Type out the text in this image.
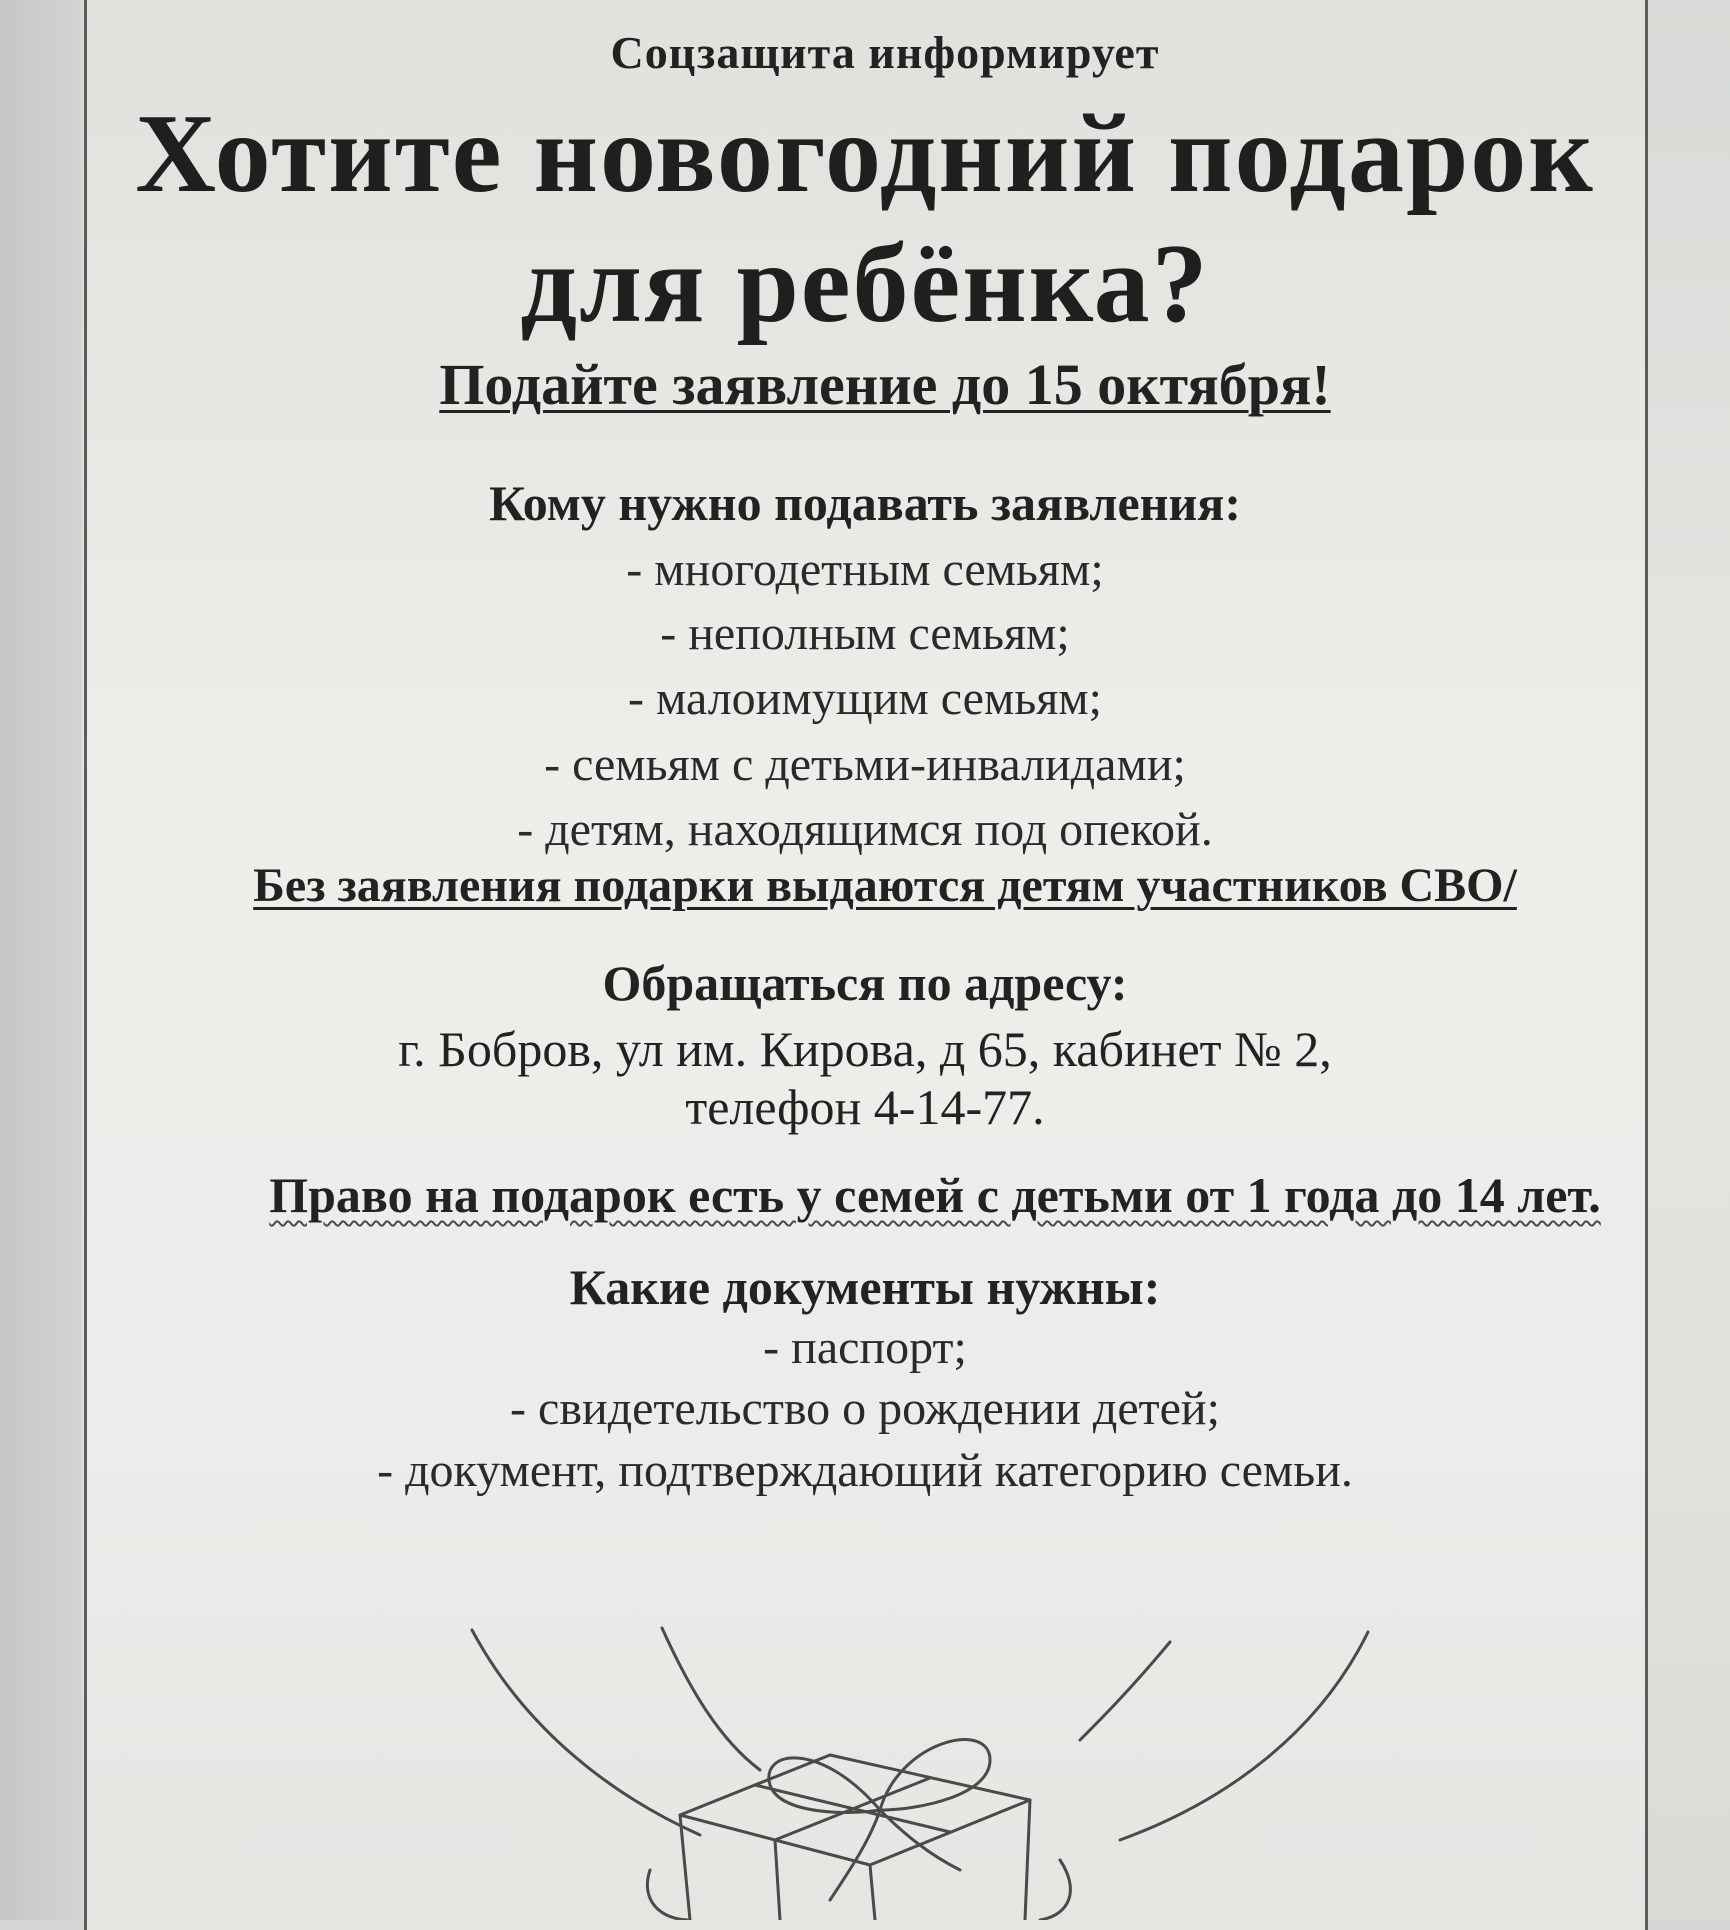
Соцзащита информирует
Хотите новогодний подарок
для ребёнка?
Подайте заявление до 15 октября!
Кому нужно подавать заявления:
- многодетным семьям;
- неполным семьям;
- малоимущим семьям;
- семьям с детьми-инвалидами;
- детям, находящимся под опекой.
Без заявления подарки выдаются детям участников СВО/
Обращаться по адресу:
г. Бобров, ул им. Кирова, д 65, кабинет № 2,
телефон 4-14-77.
Право на подарок есть у семей с детьми от 1 года до 14 лет.
Какие документы нужны:
- паспорт;
- свидетельство о рождении детей;
- документ, подтверждающий категорию семьи.
